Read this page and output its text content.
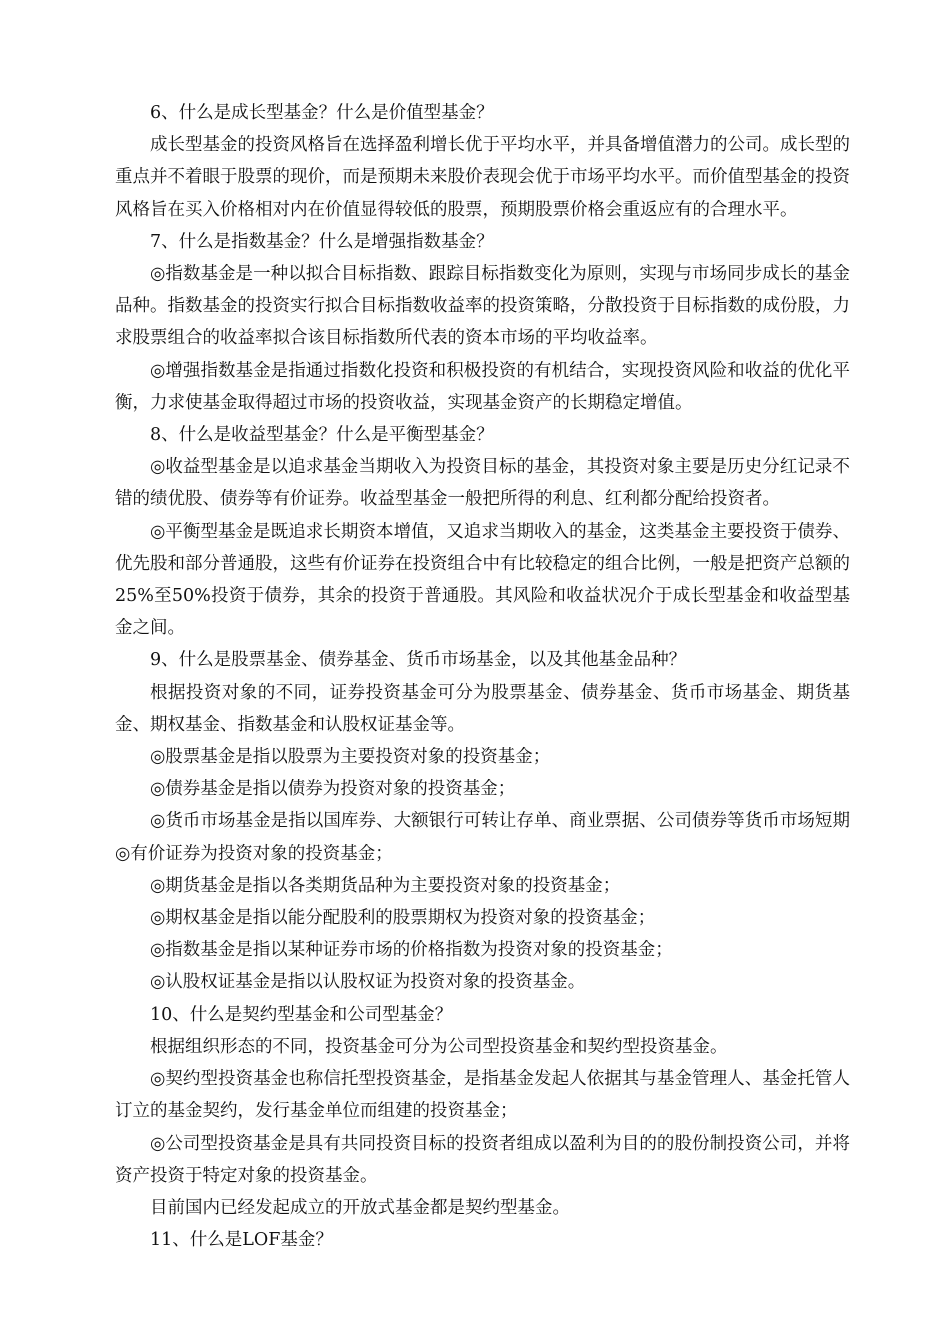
6、什么是成长型基金？什么是价值型基金？

成长型基金的投资风格旨在选择盈利增长优于平均水平，并具备增值潜力的公司。成长型的重点并不着眼于股票的现价，而是预期未来股价表现会优于市场平均水平。而价值型基金的投资风格旨在买入价格相对内在价值显得较低的股票，预期股票价格会重返应有的合理水平。

7、什么是指数基金？什么是增强指数基金？

◎指数基金是一种以拟合目标指数、跟踪目标指数变化为原则，实现与市场同步成长的基金品种。指数基金的投资实行拟合目标指数收益率的投资策略，分散投资于目标指数的成份股，力求股票组合的收益率拟合该目标指数所代表的资本市场的平均收益率。

◎增强指数基金是指通过指数化投资和积极投资的有机结合，实现投资风险和收益的优化平衡，力求使基金取得超过市场的投资收益，实现基金资产的长期稳定增值。

8、什么是收益型基金？什么是平衡型基金？

◎收益型基金是以追求基金当期收入为投资目标的基金，其投资对象主要是历史分红记录不错的绩优股、债券等有价证券。收益型基金一般把所得的利息、红利都分配给投资者。

◎平衡型基金是既追求长期资本增值，又追求当期收入的基金，这类基金主要投资于债券、优先股和部分普通股，这些有价证券在投资组合中有比较稳定的组合比例，一般是把资产总额的25%至50%投资于债券，其余的投资于普通股。其风险和收益状况介于成长型基金和收益型基金之间。

9、什么是股票基金、债券基金、货币市场基金，以及其他基金品种？

根据投资对象的不同，证券投资基金可分为股票基金、债券基金、货币市场基金、期货基金、期权基金、指数基金和认股权证基金等。

◎股票基金是指以股票为主要投资对象的投资基金；

◎债券基金是指以债券为投资对象的投资基金；

◎货币市场基金是指以国库券、大额银行可转让存单、商业票据、公司债券等货币市场短期◎有价证券为投资对象的投资基金；

◎期货基金是指以各类期货品种为主要投资对象的投资基金；

◎期权基金是指以能分配股利的股票期权为投资对象的投资基金；

◎指数基金是指以某种证券市场的价格指数为投资对象的投资基金；

◎认股权证基金是指以认股权证为投资对象的投资基金。

10、什么是契约型基金和公司型基金？

根据组织形态的不同，投资基金可分为公司型投资基金和契约型投资基金。

◎契约型投资基金也称信托型投资基金，是指基金发起人依据其与基金管理人、基金托管人订立的基金契约，发行基金单位而组建的投资基金；

◎公司型投资基金是具有共同投资目标的投资者组成以盈利为目的的股份制投资公司，并将资产投资于特定对象的投资基金。

目前国内已经发起成立的开放式基金都是契约型基金。

11、什么是LOF基金？
